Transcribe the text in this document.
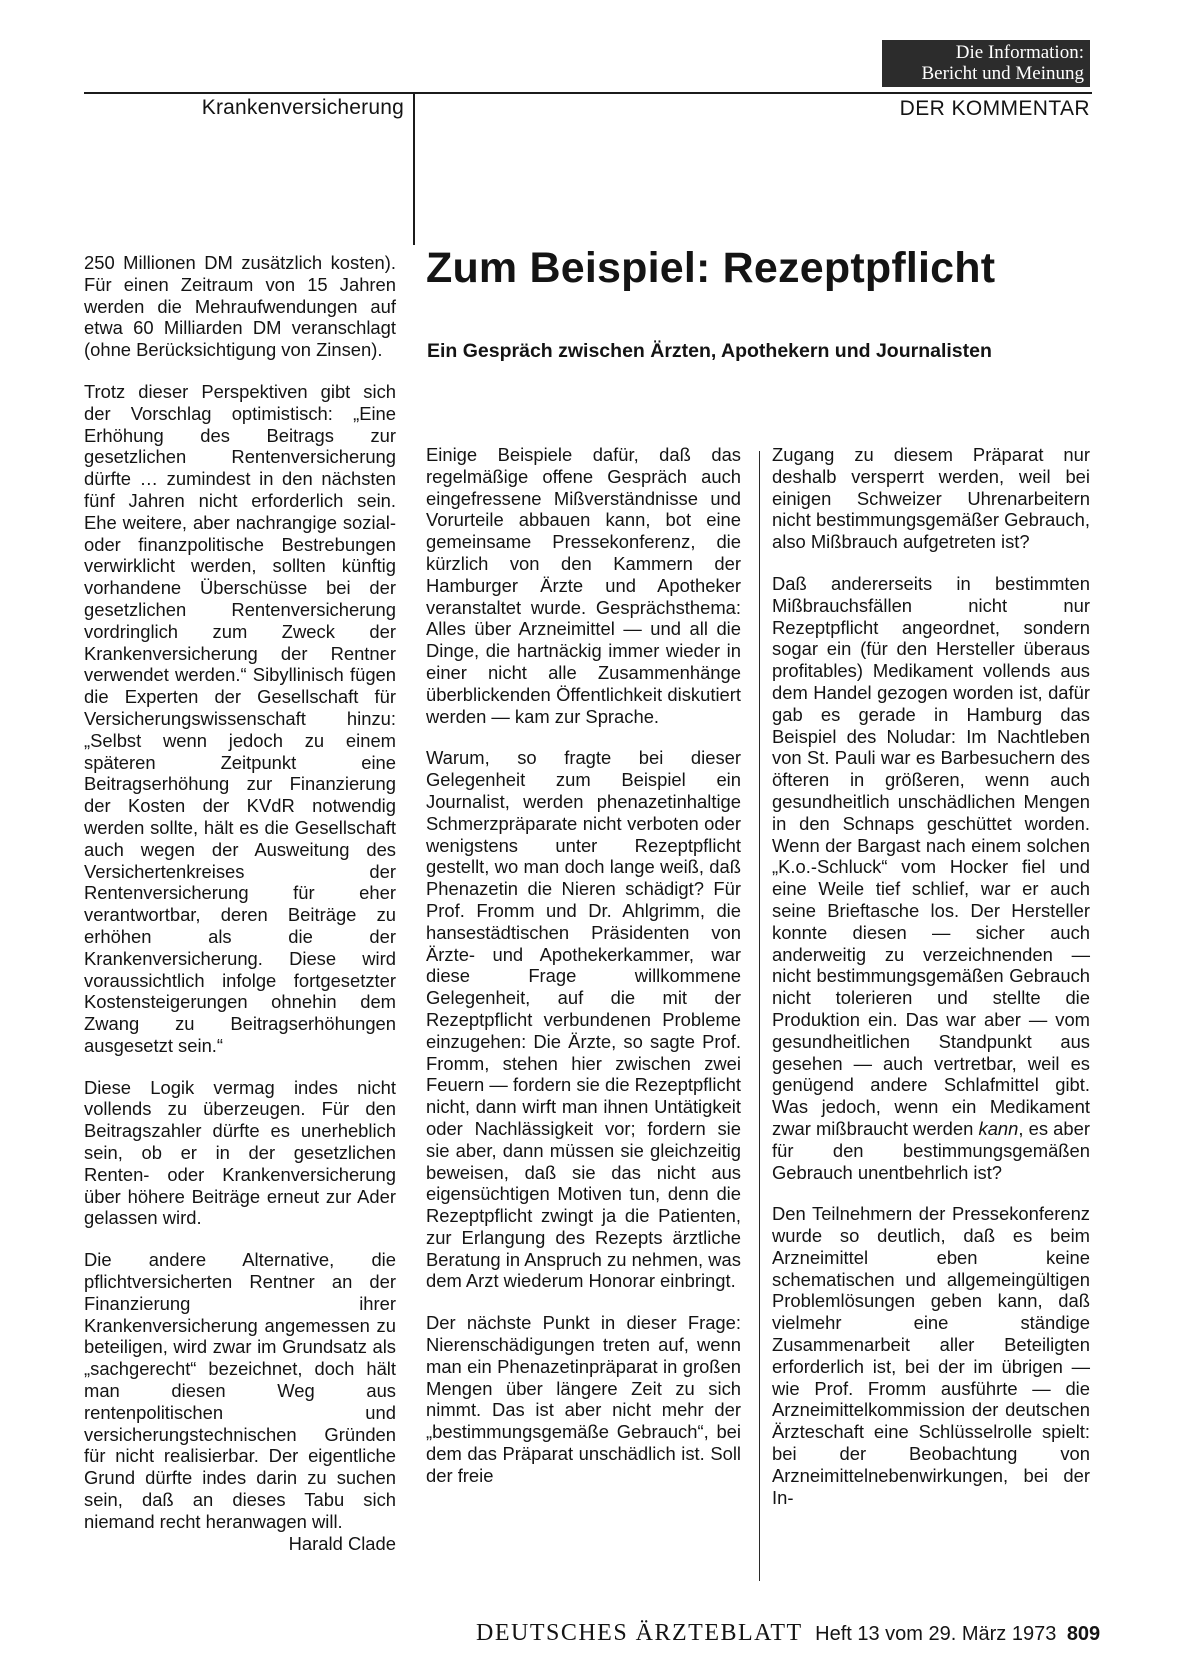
Die Information:
Bericht und Meinung
Krankenversicherung	DER KOMMENTAR

250 Millionen DM zusätzlich kosten). Für einen Zeitraum von 15 Jahren werden die Mehraufwendungen auf etwa 60 Milliarden DM veranschlagt (ohne Berücksichtigung von Zinsen).

Trotz dieser Perspektiven gibt sich der Vorschlag optimistisch: „Eine Erhöhung des Beitrags zur gesetzlichen Rentenversicherung dürfte … zumindest in den nächsten fünf Jahren nicht erforderlich sein. Ehe weitere, aber nachrangige sozial- oder finanzpolitische Bestrebungen verwirklicht werden, sollten künftig vorhandene Überschüsse bei der gesetzlichen Rentenversicherung vordringlich zum Zweck der Krankenversicherung der Rentner verwendet werden.“ Sibyllinisch fügen die Experten der Gesellschaft für Versicherungswissenschaft hinzu: „Selbst wenn jedoch zu einem späteren Zeitpunkt eine Beitragserhöhung zur Finanzierung der Kosten der KVdR notwendig werden sollte, hält es die Gesellschaft auch wegen der Ausweitung des Versichertenkreises der Rentenversicherung für eher verantwortbar, deren Beiträge zu erhöhen als die der Krankenversicherung. Diese wird voraussichtlich infolge fortgesetzter Kostensteigerungen ohnehin dem Zwang zu Beitragserhöhungen ausgesetzt sein.“

Diese Logik vermag indes nicht vollends zu überzeugen. Für den Beitragszahler dürfte es unerheblich sein, ob er in der gesetzlichen Renten- oder Krankenversicherung über höhere Beiträge erneut zur Ader gelassen wird.

Die andere Alternative, die pflichtversicherten Rentner an der Finanzierung ihrer Krankenversicherung angemessen zu beteiligen, wird zwar im Grundsatz als „sachgerecht“ bezeichnet, doch hält man diesen Weg aus rentenpolitischen und versicherungstechnischen Gründen für nicht realisierbar. Der eigentliche Grund dürfte indes darin zu suchen sein, daß an dieses Tabu sich niemand recht heranwagen will.
Harald Clade

Zum Beispiel: Rezeptpflicht
Ein Gespräch zwischen Ärzten, Apothekern und Journalisten

Einige Beispiele dafür, daß das regelmäßige offene Gespräch auch eingefressene Mißverständnisse und Vorurteile abbauen kann, bot eine gemeinsame Pressekonferenz, die kürzlich von den Kammern der Hamburger Ärzte und Apotheker veranstaltet wurde. Gesprächsthema: Alles über Arzneimittel — und all die Dinge, die hartnäckig immer wieder in einer nicht alle Zusammenhänge überblickenden Öffentlichkeit diskutiert werden — kam zur Sprache.

Warum, so fragte bei dieser Gelegenheit zum Beispiel ein Journalist, werden phenazetinhaltige Schmerzpräparate nicht verboten oder wenigstens unter Rezeptpflicht gestellt, wo man doch lange weiß, daß Phenazetin die Nieren schädigt? Für Prof. Fromm und Dr. Ahlgrimm, die hansestädtischen Präsidenten von Ärzte- und Apothekerkammer, war diese Frage willkommene Gelegenheit, auf die mit der Rezeptpflicht verbundenen Probleme einzugehen: Die Ärzte, so sagte Prof. Fromm, stehen hier zwischen zwei Feuern — fordern sie die Rezeptpflicht nicht, dann wirft man ihnen Untätigkeit oder Nachlässigkeit vor; fordern sie sie aber, dann müssen sie gleichzeitig beweisen, daß sie das nicht aus eigensüchtigen Motiven tun, denn die Rezeptpflicht zwingt ja die Patienten, zur Erlangung des Rezepts ärztliche Beratung in Anspruch zu nehmen, was dem Arzt wiederum Honorar einbringt.

Der nächste Punkt in dieser Frage: Nierenschädigungen treten auf, wenn man ein Phenazetinpräparat in großen Mengen über längere Zeit zu sich nimmt. Das ist aber nicht mehr der „bestimmungsgemäße Gebrauch“, bei dem das Präparat unschädlich ist. Soll der freie

Zugang zu diesem Präparat nur deshalb versperrt werden, weil bei einigen Schweizer Uhrenarbeitern nicht bestimmungsgemäßer Gebrauch, also Mißbrauch aufgetreten ist?

Daß andererseits in bestimmten Mißbrauchsfällen nicht nur Rezeptpflicht angeordnet, sondern sogar ein (für den Hersteller überaus profitables) Medikament vollends aus dem Handel gezogen worden ist, dafür gab es gerade in Hamburg das Beispiel des Noludar: Im Nachtleben von St. Pauli war es Barbesuchern des öfteren in größeren, wenn auch gesundheitlich unschädlichen Mengen in den Schnaps geschüttet worden. Wenn der Bargast nach einem solchen „K.o.-Schluck“ vom Hocker fiel und eine Weile tief schlief, war er auch seine Brieftasche los. Der Hersteller konnte diesen — sicher auch anderweitig zu verzeichnenden — nicht bestimmungsgemäßen Gebrauch nicht tolerieren und stellte die Produktion ein. Das war aber — vom gesundheitlichen Standpunkt aus gesehen — auch vertretbar, weil es genügend andere Schlafmittel gibt. Was jedoch, wenn ein Medikament zwar mißbraucht werden kann, es aber für den bestimmungsgemäßen Gebrauch unentbehrlich ist?

Den Teilnehmern der Pressekonferenz wurde so deutlich, daß es beim Arzneimittel eben keine schematischen und allgemeingültigen Problemlösungen geben kann, daß vielmehr eine ständige Zusammenarbeit aller Beteiligten erforderlich ist, bei der im übrigen — wie Prof. Fromm ausführte — die Arzneimittelkommission der deutschen Ärzteschaft eine Schlüsselrolle spielt: bei der Beobachtung von Arzneimittelnebenwirkungen, bei der In-

DEUTSCHES ÄRZTEBLATT Heft 13 vom 29. März 1973 809
